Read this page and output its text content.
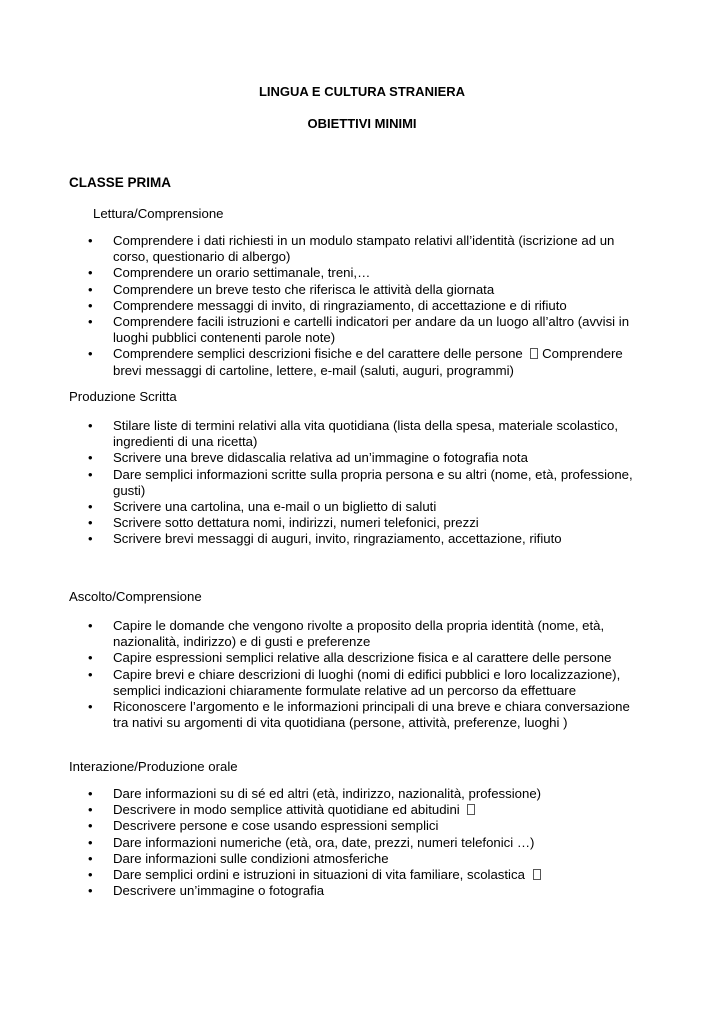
LINGUA E CULTURA STRANIERA

OBIETTIVI MINIMI

CLASSE PRIMA

Lettura/Comprensione

• Comprendere i dati richiesti in un modulo stampato relativi all’identità (iscrizione ad un corso, questionario di albergo)
• Comprendere un orario settimanale, treni,…
• Comprendere un breve testo che riferisca le attività della giornata
• Comprendere messaggi di invito, di ringraziamento, di accettazione e di rifiuto
• Comprendere facili istruzioni e cartelli indicatori per andare da un luogo all’altro (avvisi in luoghi pubblici contenenti parole note)
• Comprendere semplici descrizioni fisiche e del carattere delle persone Comprendere brevi messaggi di cartoline, lettere, e-mail (saluti, auguri, programmi)

Produzione Scritta

• Stilare liste di termini relativi alla vita quotidiana (lista della spesa, materiale scolastico, ingredienti di una ricetta)
• Scrivere una breve didascalia relativa ad un’immagine o fotografia nota
• Dare semplici informazioni scritte sulla propria persona e su altri (nome, età, professione, gusti)
• Scrivere una cartolina, una e-mail o un biglietto di saluti
• Scrivere sotto dettatura nomi, indirizzi, numeri telefonici, prezzi
• Scrivere brevi messaggi di auguri, invito, ringraziamento, accettazione, rifiuto

Ascolto/Comprensione

• Capire le domande che vengono rivolte a proposito della propria identità (nome, età, nazionalità, indirizzo) e di gusti e preferenze
• Capire espressioni semplici relative alla descrizione fisica e al carattere delle persone
• Capire brevi e chiare descrizioni di luoghi (nomi di edifici pubblici e loro localizzazione), semplici indicazioni chiaramente formulate relative ad un percorso da effettuare
• Riconoscere l’argomento e le informazioni principali di una breve e chiara conversazione tra nativi su argomenti di vita quotidiana (persone, attività, preferenze, luoghi )

Interazione/Produzione orale

• Dare informazioni su di sé ed altri (età, indirizzo, nazionalità, professione)
• Descrivere in modo semplice attività quotidiane ed abitudini
• Descrivere persone e cose usando espressioni semplici
• Dare informazioni numeriche (età, ora, date, prezzi, numeri telefonici …)
• Dare informazioni sulle condizioni atmosferiche
• Dare semplici ordini e istruzioni in situazioni di vita familiare, scolastica
• Descrivere un’immagine o fotografia
